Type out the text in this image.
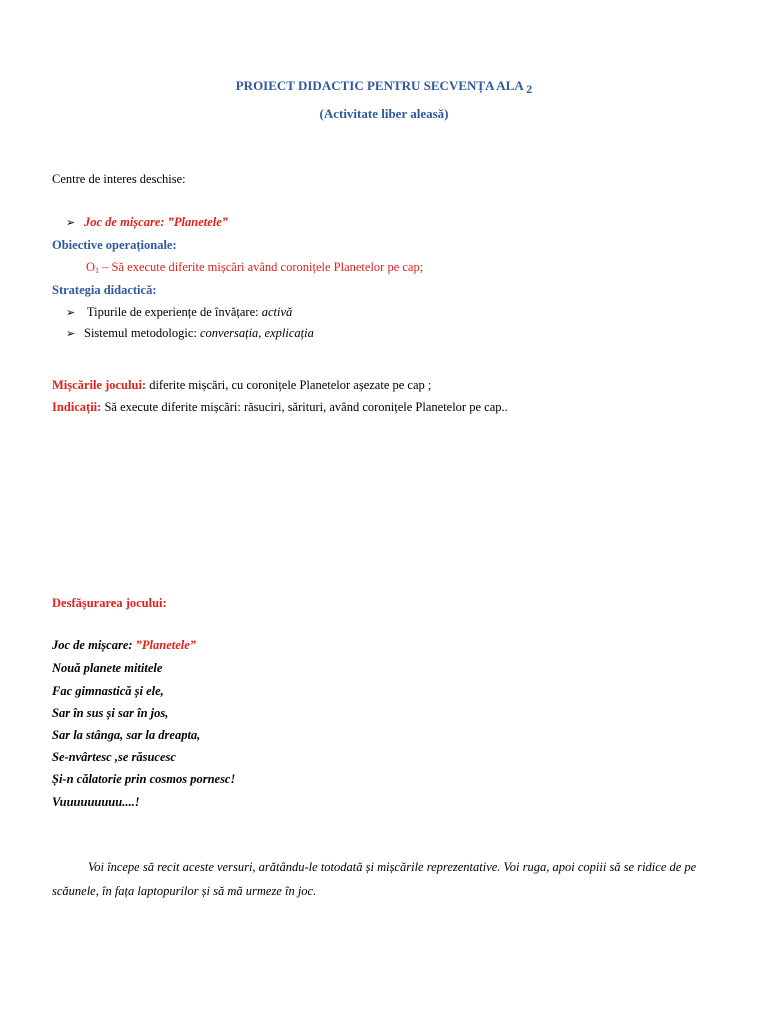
PROIECT DIDACTIC PENTRU SECVENȚA ALA 2
(Activitate liber aleasă)
Centre de interes deschise:
➢ Joc de mișcare: ”Planetele”
Obiective operaționale:
$O_1$ – Să execute diferite mișcări având coronițele Planetelor pe cap;
Strategia didactică:
➢ Tipurile de experiențe de învățare: activă
➢ Sistemul metodologic: conversația, explicația
Mișcările jocului: diferite mișcări, cu coronițele Planetelor așezate pe cap ;
Indicații: Să execute diferite mișcări: răsuciri, sărituri, având coronițele Planetelor pe cap..
Desfășurarea jocului:
Joc de mișcare: ”Planetele”
Nouă planete mititele
Fac gimnastică și ele,
Sar în sus și sar în jos,
Sar la stânga, sar la dreapta,
Se-nvârtesc ,se răsucesc
Și-n călatorie prin cosmos pornesc!
Vuuuuuuuuu....!
Voi începe să recit aceste versuri, arătându-le totodată și mișcările reprezentative. Voi ruga, apoi copiii să se ridice de pe scăunele, în fața laptopurilor și să mă urmeze în joc.
